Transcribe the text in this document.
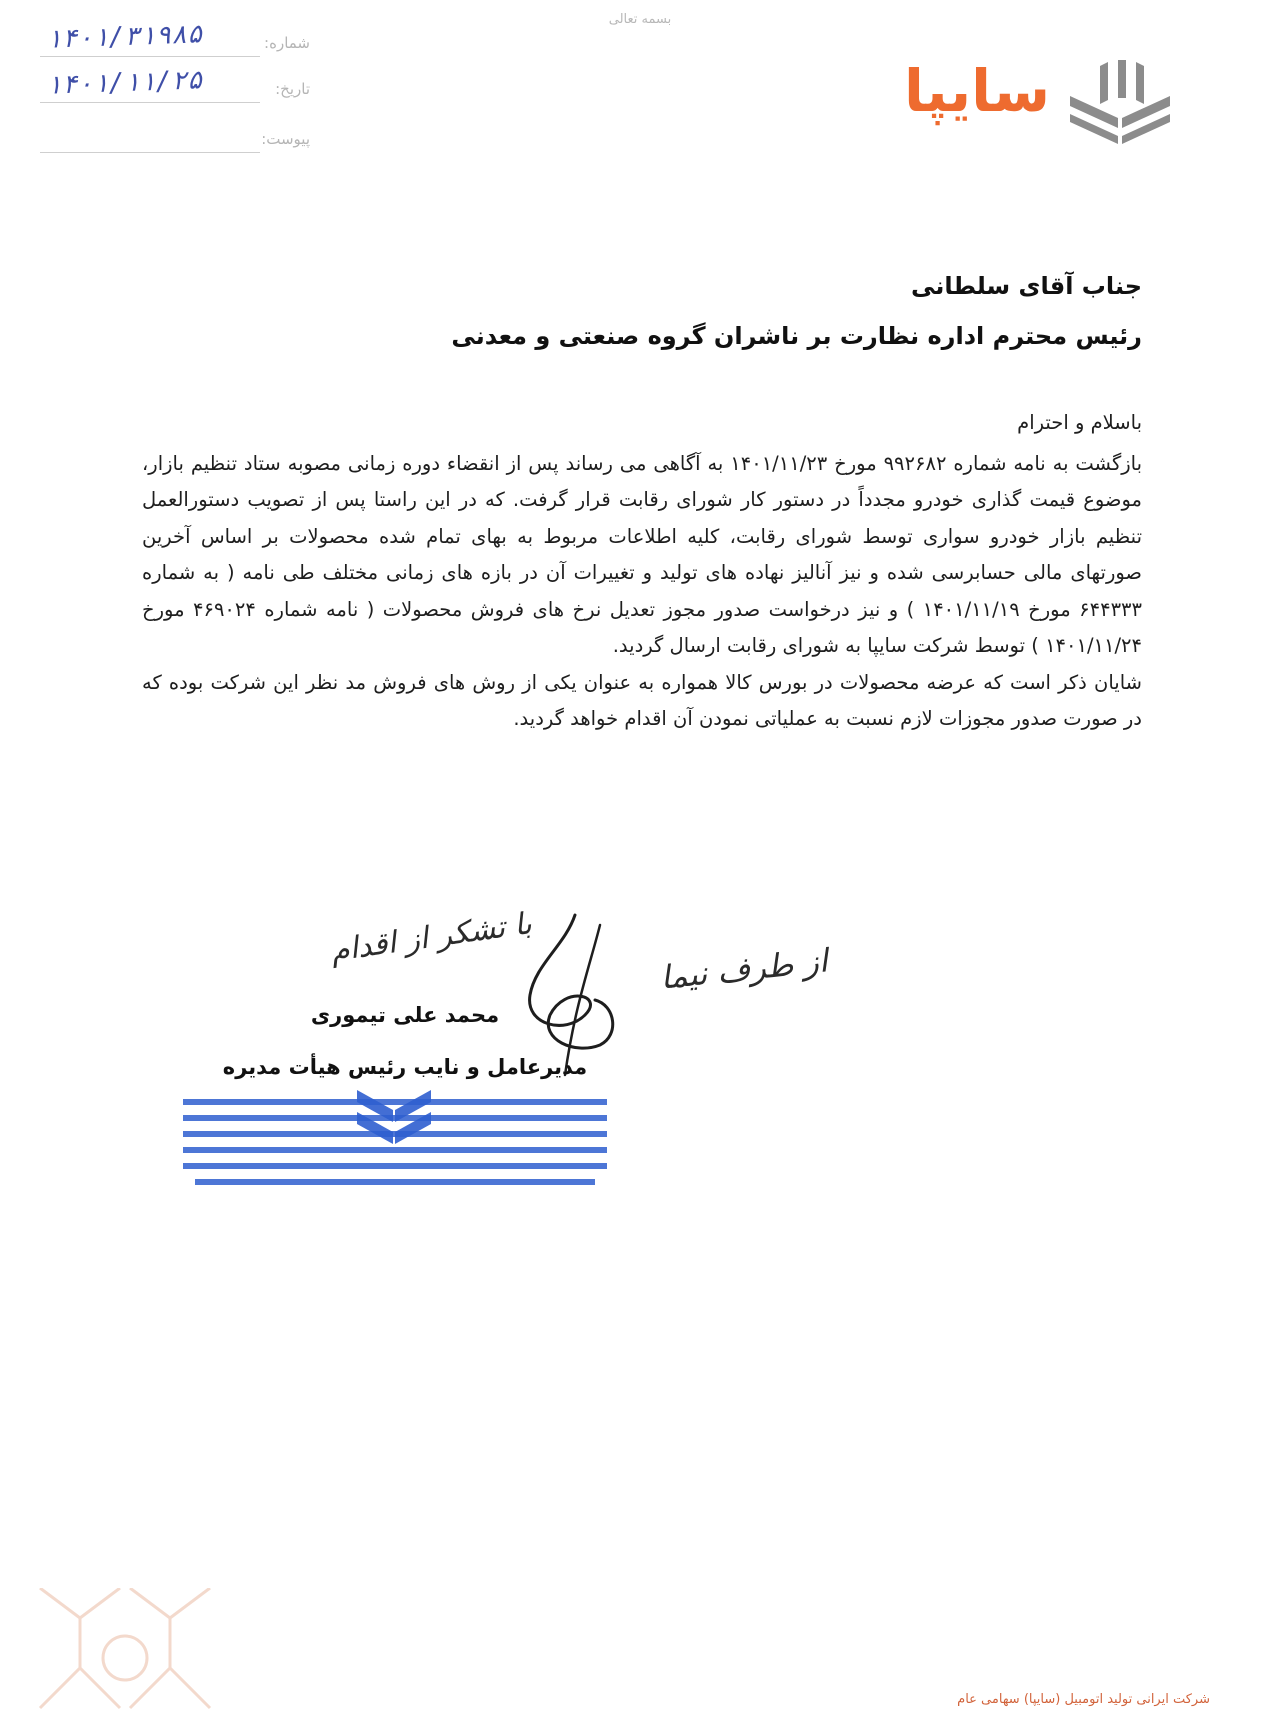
بسمه تعالی
شماره:
۱۴۰۱/۳۱۹۸۵
تاریخ:
۱۴۰۱/۱۱/۲۵
پیوست:
سایپا
جناب آقای سلطانی
رئیس محترم اداره نظارت بر ناشران گروه صنعتی و معدنی
باسلام و احترام

بازگشت به نامه شماره ۹۹۲۶۸۲ مورخ ۱۴۰۱/۱۱/۲۳ به آگاهی می رساند پس از انقضاء دوره زمانی مصوبه ستاد تنظیم بازار، موضوع قیمت گذاری خودرو مجدداً در دستور کار شورای رقابت قرار گرفت. که در این راستا پس از تصویب دستورالعمل تنظیم بازار خودرو سواری توسط شورای رقابت، کلیه اطلاعات مربوط به بهای تمام شده محصولات بر اساس آخرین صورتهای مالی حسابرسی شده و نیز آنالیز نهاده های تولید و تغییرات آن در بازه های زمانی مختلف طی نامه ( به شماره ۶۴۴۳۳۳ مورخ ۱۴۰۱/۱۱/۱۹ ) و نیز درخواست صدور مجوز تعدیل نرخ های فروش محصولات ( نامه شماره ۴۶۹۰۲۴ مورخ ۱۴۰۱/۱۱/۲۴ ) توسط شرکت سایپا به شورای رقابت ارسال گردید.

شایان ذکر است که عرضه محصولات در بورس کالا همواره به عنوان یکی از روش های فروش مد نظر این شرکت بوده که در صورت صدور مجوزات لازم نسبت به عملیاتی نمودن آن اقدام خواهد گردید.

با تشکر از اقدام
از طرف نیما
محمد علی تیموری
مدیرعامل و نایب رئیس هیأت مدیره
شرکت ایرانی تولید اتومبیل (سایپا) سهامی عام
